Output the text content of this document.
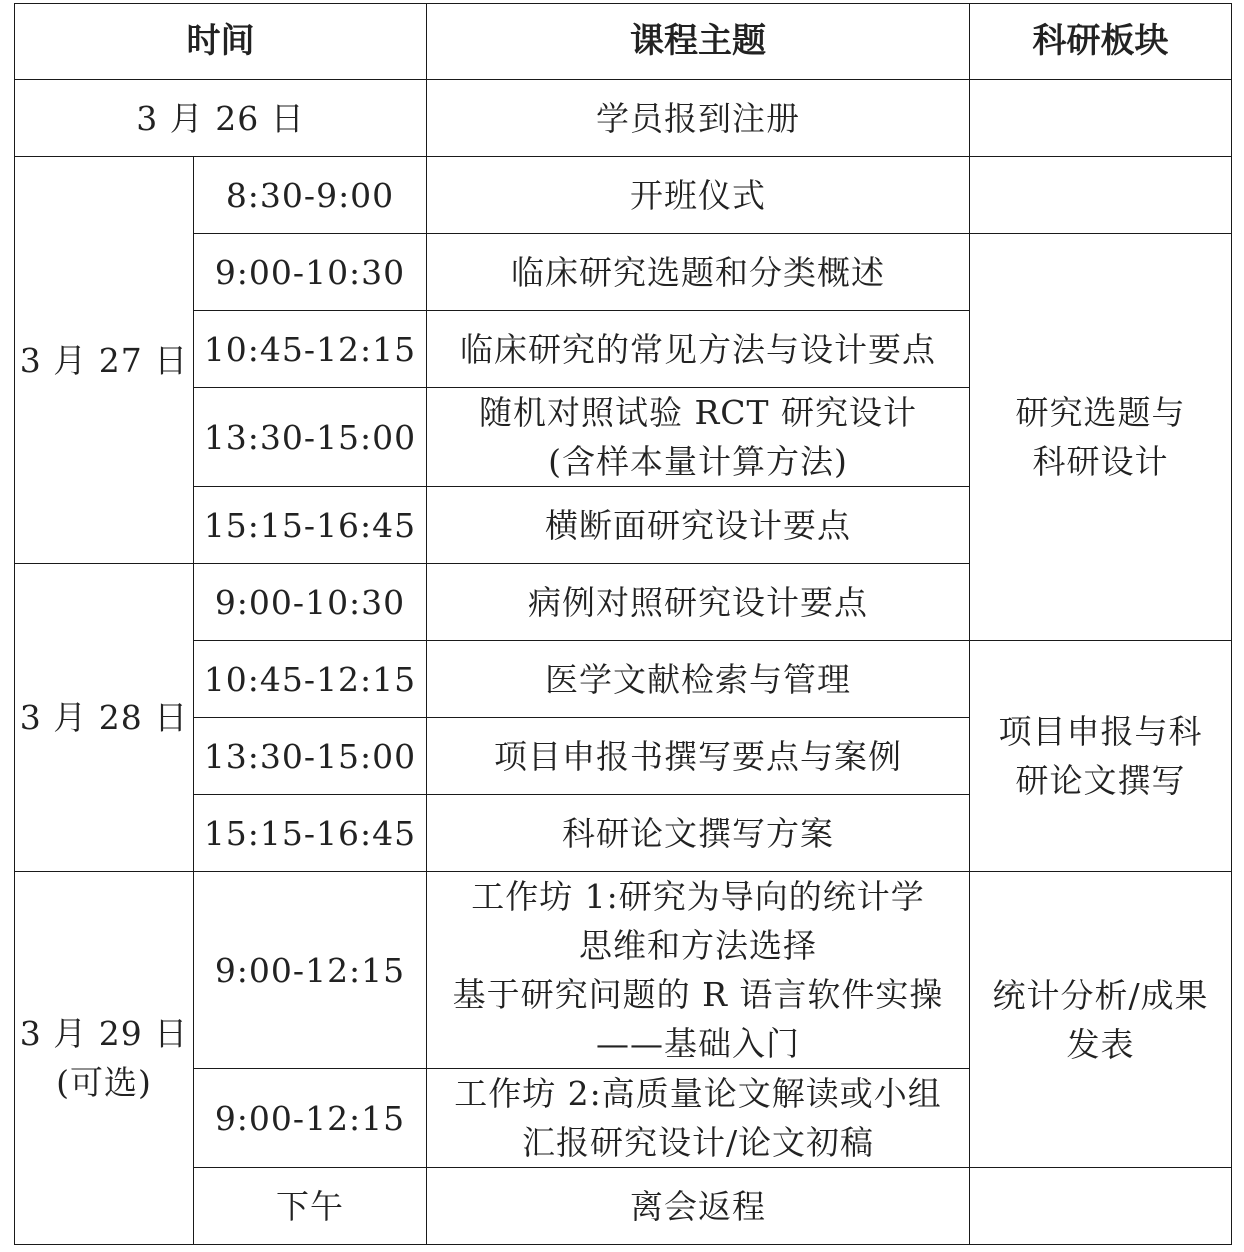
时间		课程主题	科研板块
3 月 26 日		学员报到注册	
3 月 27 日	8:30-9:00	开班仪式	
	9:00-10:30	临床研究选题和分类概述	研究选题与
科研设计

	10:45-12:15	临床研究的常见方法与设计要点	
	13:30-15:00	随机对照试验 RCT 研究设计
(含样本量计算方法)	

	15:15-16:45	横断面研究设计要点	
3 月 28 日	9:00-10:30	病例对照研究设计要点	
	10:45-12:15	医学文献检索与管理	项目申报与科
研论文撰写

	13:30-15:00	项目申报书撰写要点与案例	
	15:15-16:45	科研论文撰写方案	

3 月 29 日
(可选)	9:00-12:15	工作坊 1:研究为导向的统计学
思维和方法选择
基于研究问题的 R 语言软件实操
——基础入门	统计分析/成果
发表

	9:00-12:15	工作坊 2:高质量论文解读或小组
汇报研究设计/论文初稿	

	下午	离会返程	
